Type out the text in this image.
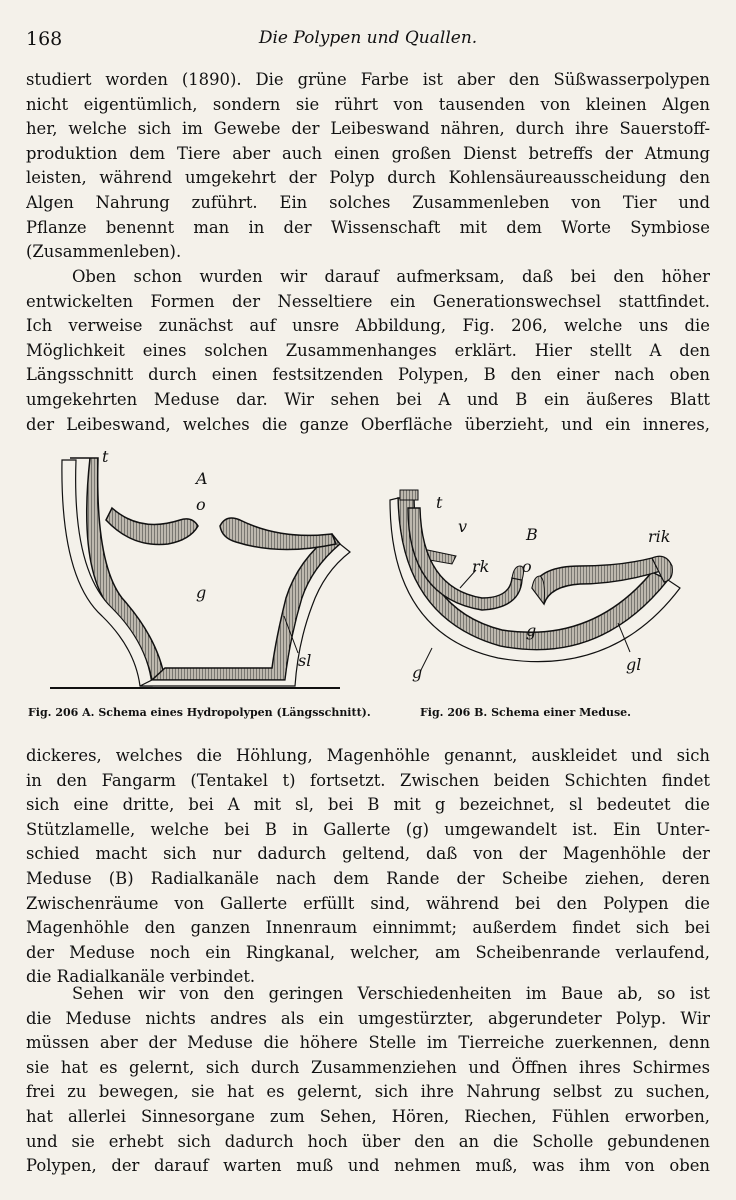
168	Die Polypen und Quallen.

studiert worden (1890). Die grüne Farbe ist aber den Süßwasserpolypen
nicht eigentümlich, sondern sie rührt von tausenden von kleinen Algen
her, welche sich im Gewebe der Leibeswand nähren, durch ihre Sauerstoff-
produktion dem Tiere aber auch einen großen Dienst betreffs der Atmung
leisten, während umgekehrt der Polyp durch Kohlensäureausscheidung den
Algen Nahrung zuführt. Ein solches Zusammenleben von Tier und
Pflanze benennt man in der Wissenschaft mit dem Worte Symbiose
(Zusammenleben).

Oben schon wurden wir darauf aufmerksam, daß bei den höher
entwickelten Formen der Nesseltiere ein Generationswechsel stattfindet.
Ich verweise zunächst auf unsre Abbildung, Fig. 206, welche uns die
Möglichkeit eines solchen Zusammenhanges erklärt. Hier stellt A den
Längsschnitt durch einen festsitzenden Polypen, B den einer nach oben
umgekehrten Meduse dar. Wir sehen bei A und B ein äußeres Blatt
der Leibeswand, welches die ganze Oberfläche überzieht, und ein inneres,

t
A
o
g
sl
t
v	B
rk o
rik
g
g	gl
Fig. 206 A. Schema eines Hydropolypen (Längsschnitt).	Fig. 206 B. Schema einer Meduse.

dickeres, welches die Höhlung, Magenhöhle genannt, auskleidet und sich
in den Fangarm (Tentakel t) fortsetzt. Zwischen beiden Schichten findet
sich eine dritte, bei A mit sl, bei B mit g bezeichnet, sl bedeutet die
Stützlamelle, welche bei B in Gallerte (g) umgewandelt ist. Ein Unter-
schied macht sich nur dadurch geltend, daß von der Magenhöhle der
Meduse (B) Radialkanäle nach dem Rande der Scheibe ziehen, deren
Zwischenräume von Gallerte erfüllt sind, während bei den Polypen die
Magenhöhle den ganzen Innenraum einnimmt; außerdem findet sich bei
der Meduse noch ein Ringkanal, welcher, am Scheibenrande verlaufend,
die Radialkanäle verbindet.

Sehen wir von den geringen Verschiedenheiten im Baue ab, so ist
die Meduse nichts andres als ein umgestürzter, abgerundeter Polyp. Wir
müssen aber der Meduse die höhere Stelle im Tierreiche zuerkennen, denn
sie hat es gelernt, sich durch Zusammenziehen und Öffnen ihres Schirmes
frei zu bewegen, sie hat es gelernt, sich ihre Nahrung selbst zu suchen,
hat allerlei Sinnesorgane zum Sehen, Hören, Riechen, Fühlen erworben,
und sie erhebt sich dadurch hoch über den an die Scholle gebundenen
Polypen, der darauf warten muß und nehmen muß, was ihm von oben
